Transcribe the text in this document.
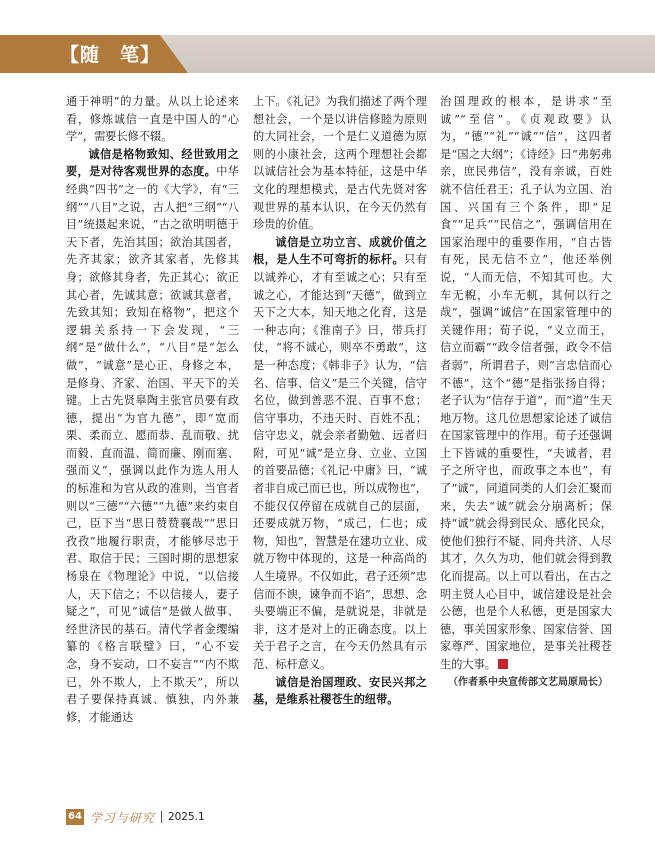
【随　笔】

通于神明”的力量。从以上论述来看，修炼诚信一直是中国人的“心学”，需要长修不辍。

诚信是格物致知、经世致用之要，是对待客观世界的态度。中华经典“四书”之一的《大学》，有“三纲”“八目”之说，古人把“三纲”“八目”统摄起来说，“古之欲明明德于天下者，先治其国；欲治其国者，先齐其家；欲齐其家者，先修其身；欲修其身者，先正其心；欲正其心者，先诚其意；欲诚其意者，先致其知；致知在格物”，把这个逻辑关系持一下会发现，“三纲”是“做什么”，“八目”是“怎么做”，“诚意”是心正、身修之本，是修身、齐家、治国、平天下的关键。上古先贤皋陶主张官员要有政德，提出“为官九德”，即“宽而栗、柔而立、愿而恭、乱而敬、扰而毅、直而温、简而廉、刚而塞、强而义”，强调以此作为选人用人的标准和为官从政的准则，当官者则以“三德”“六德”“九德”来约束自己，臣下当“思日赞赞襄哉”“思日孜孜”地履行职责，才能够尽忠于君、取信于民；三国时期的思想家杨泉在《物理论》中说，“以信接人，天下信之；不以信接人，妻子疑之”，可见“诚信”是做人做事、经世济民的基石。清代学者金缨编纂的《格言联璧》曰，“心不妄念，身不妄动，口不妄言”“内不欺已，外不欺人，上不欺天”，所以君子要保持真诚、慎独，内外兼修，才能通达

上下。《礼记》为我们描述了两个理想社会，一个是以讲信修睦为原则的大同社会，一个是仁义道德为原则的小康社会，这两个理想社会都以诚信社会为基本特征，这是中华文化的理想模式，是古代先贤对客观世界的基本认识，在今天仍然有珍贵的价值。

诚信是立功立言、成就价值之根，是人生不可弯折的标杆。只有以诚养心，才有至诚之心；只有至诚之心，才能达到“天德”，做到立天下之大本，知天地之化育，这是一种志向；《淮南子》曰，带兵打仗，“将不诚心，则卒不勇敢”，这是一种态度；《韩非子》认为，“信名、信事、信义”是三个关键，信守名位，做到善恶不混、百事不怠；信守事功，不违天时、百姓不乱；信守忠义，就会亲者勤勉、远者归附，可见“诚”是立身、立业、立国的首要品德；《礼记·中庸》曰，“诚者非自成己而已也，所以成物也”，不能仅仅停留在成就自己的层面，还要成就万物，“成己，仁也；成物，知也”，智慧是在建功立业、成就万物中体现的，这是一种高尚的人生境界。不仅如此，君子还须“忠信而不谀，谏争而不谄”，思想、念头要端正不偏，是就说是，非就是非，这才是对上的正确态度。以上关于君子之言，在今天仍然具有示范、标杆意义。

诚信是治国理政、安民兴邦之基，是维系社稷苍生的纽带。

治国理政的根本，是讲求“至诚”“至信”。《贞观政要》认为，“德”“礼”“诚”“信”，这四者是“国之大纲”；《诗经》曰“弗躬弗亲，庶民弗信”，没有亲诚，百姓就不信任君王；孔子认为立国、治国、兴国有三个条件，即“足食”“足兵”“民信之”，强调信用在国家治理中的重要作用，“自古皆有死，民无信不立”，他还举例说，“人而无信，不知其可也。大车无輗，小车无軏，其何以行之哉”，强调“诚信”在国家管理中的关键作用；荀子说，“义立而王，信立而霸”“政令信者强，政令不信者弱”，所谓君子，则“言忠信而心不德”，这个“德”是指张扬自得；老子认为“信存于道”，而“道”生天地万物。这几位思想家论述了诚信在国家管理中的作用。荀子还强调上下皆诚的重要性，“夫诚者，君子之所守也，而政事之本也”，有了“诚”，同道同类的人们会汇聚而来，失去“诚”就会分崩离析；保持“诚”就会得到民众、感化民众，使他们独行不疑、同舟共济、人尽其才，久久为功，他们就会得到教化而提高。以上可以看出，在古之明主贤人心目中，诚信建设是社会公德，也是个人私德，更是国家大德，事关国家形象、国家信誉、国家尊严、国家地位，是事关社稷苍生的大事。

（作者系中央宣传部文艺局原局长）

64 学习与研究 2025.1
